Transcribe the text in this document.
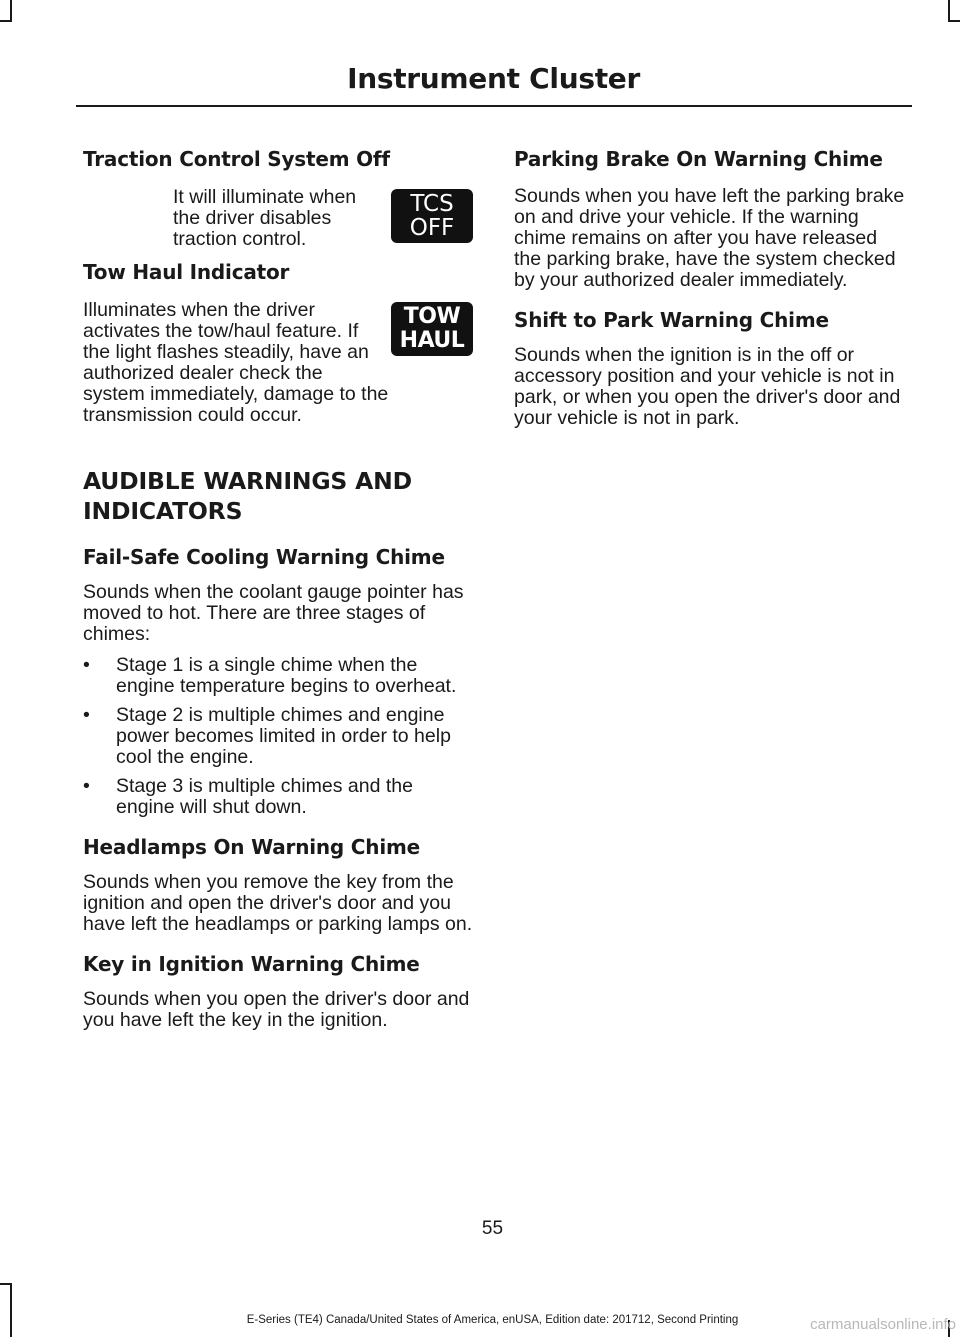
Instrument Cluster
Traction Control System Off
TCS
OFF

It will illuminate when the driver disables traction control.

Tow Haul Indicator
TOW
HAUL

Illuminates when the driver activates the tow/haul feature. If the light flashes steadily, have an authorized dealer check the system immediately, damage to the transmission could occur.

AUDIBLE WARNINGS AND
INDICATORS
Fail-Safe Cooling Warning Chime

Sounds when the coolant gauge pointer has moved to hot. There are three stages of chimes:

• Stage 1 is a single chime when the engine temperature begins to overheat.
• Stage 2 is multiple chimes and engine power becomes limited in order to help cool the engine.
• Stage 3 is multiple chimes and the engine will shut down.
Headlamps On Warning Chime

Sounds when you remove the key from the ignition and open the driver's door and you have left the headlamps or parking lamps on.

Key in Ignition Warning Chime

Sounds when you open the driver's door and you have left the key in the ignition.

Parking Brake On Warning Chime

Sounds when you have left the parking brake on and drive your vehicle. If the warning chime remains on after you have released the parking brake, have the system checked by your authorized dealer immediately.

Shift to Park Warning Chime

Sounds when the ignition is in the off or accessory position and your vehicle is not in park, or when you open the driver's door and your vehicle is not in park.

55
E-Series (TE4) Canada/United States of America, enUSA, Edition date: 201712, Second Printing	carmanualsonline.info
